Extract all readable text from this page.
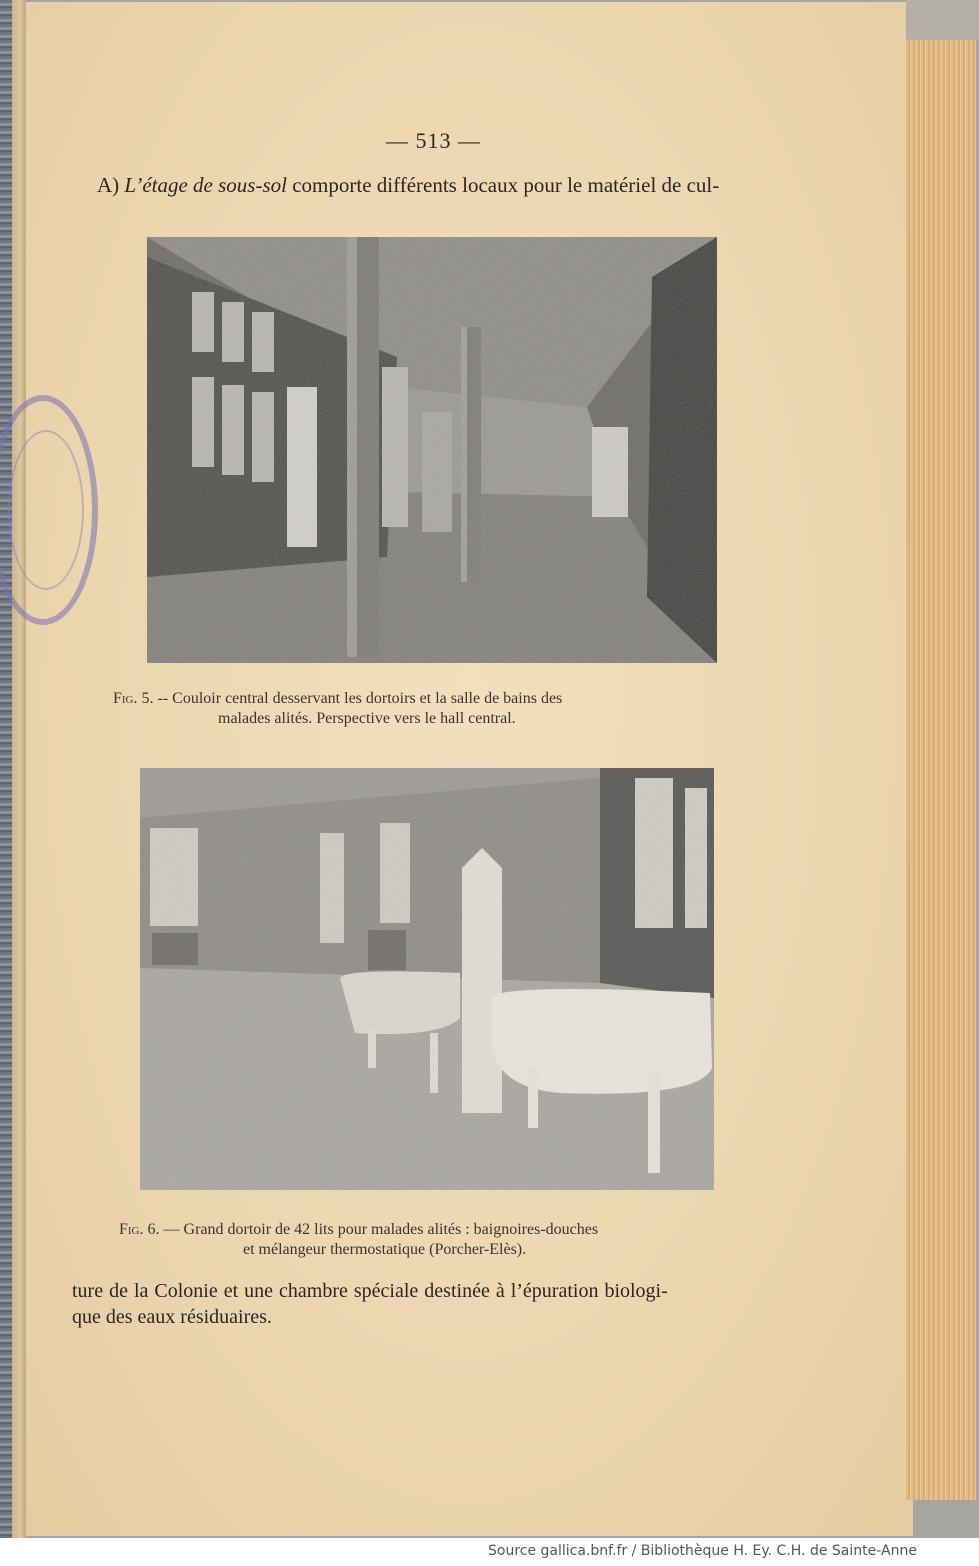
— 513 —
A) L’étage de sous-sol comporte différents locaux pour le matériel de cul-
Fig. 5. -- Couloir central desservant les dortoirs et la salle de bains des
malades alités. Perspective vers le hall central.
Fig. 6. — Grand dortoir de 42 lits pour malades alités : baignoires-douches
et mélangeur thermostatique (Porcher-Elès).
ture de la Colonie et une chambre spéciale destinée à l’épuration biologi-
que des eaux résiduaires.
Source gallica.bnf.fr / Bibliothèque H. Ey. C.H. de Sainte-Anne
